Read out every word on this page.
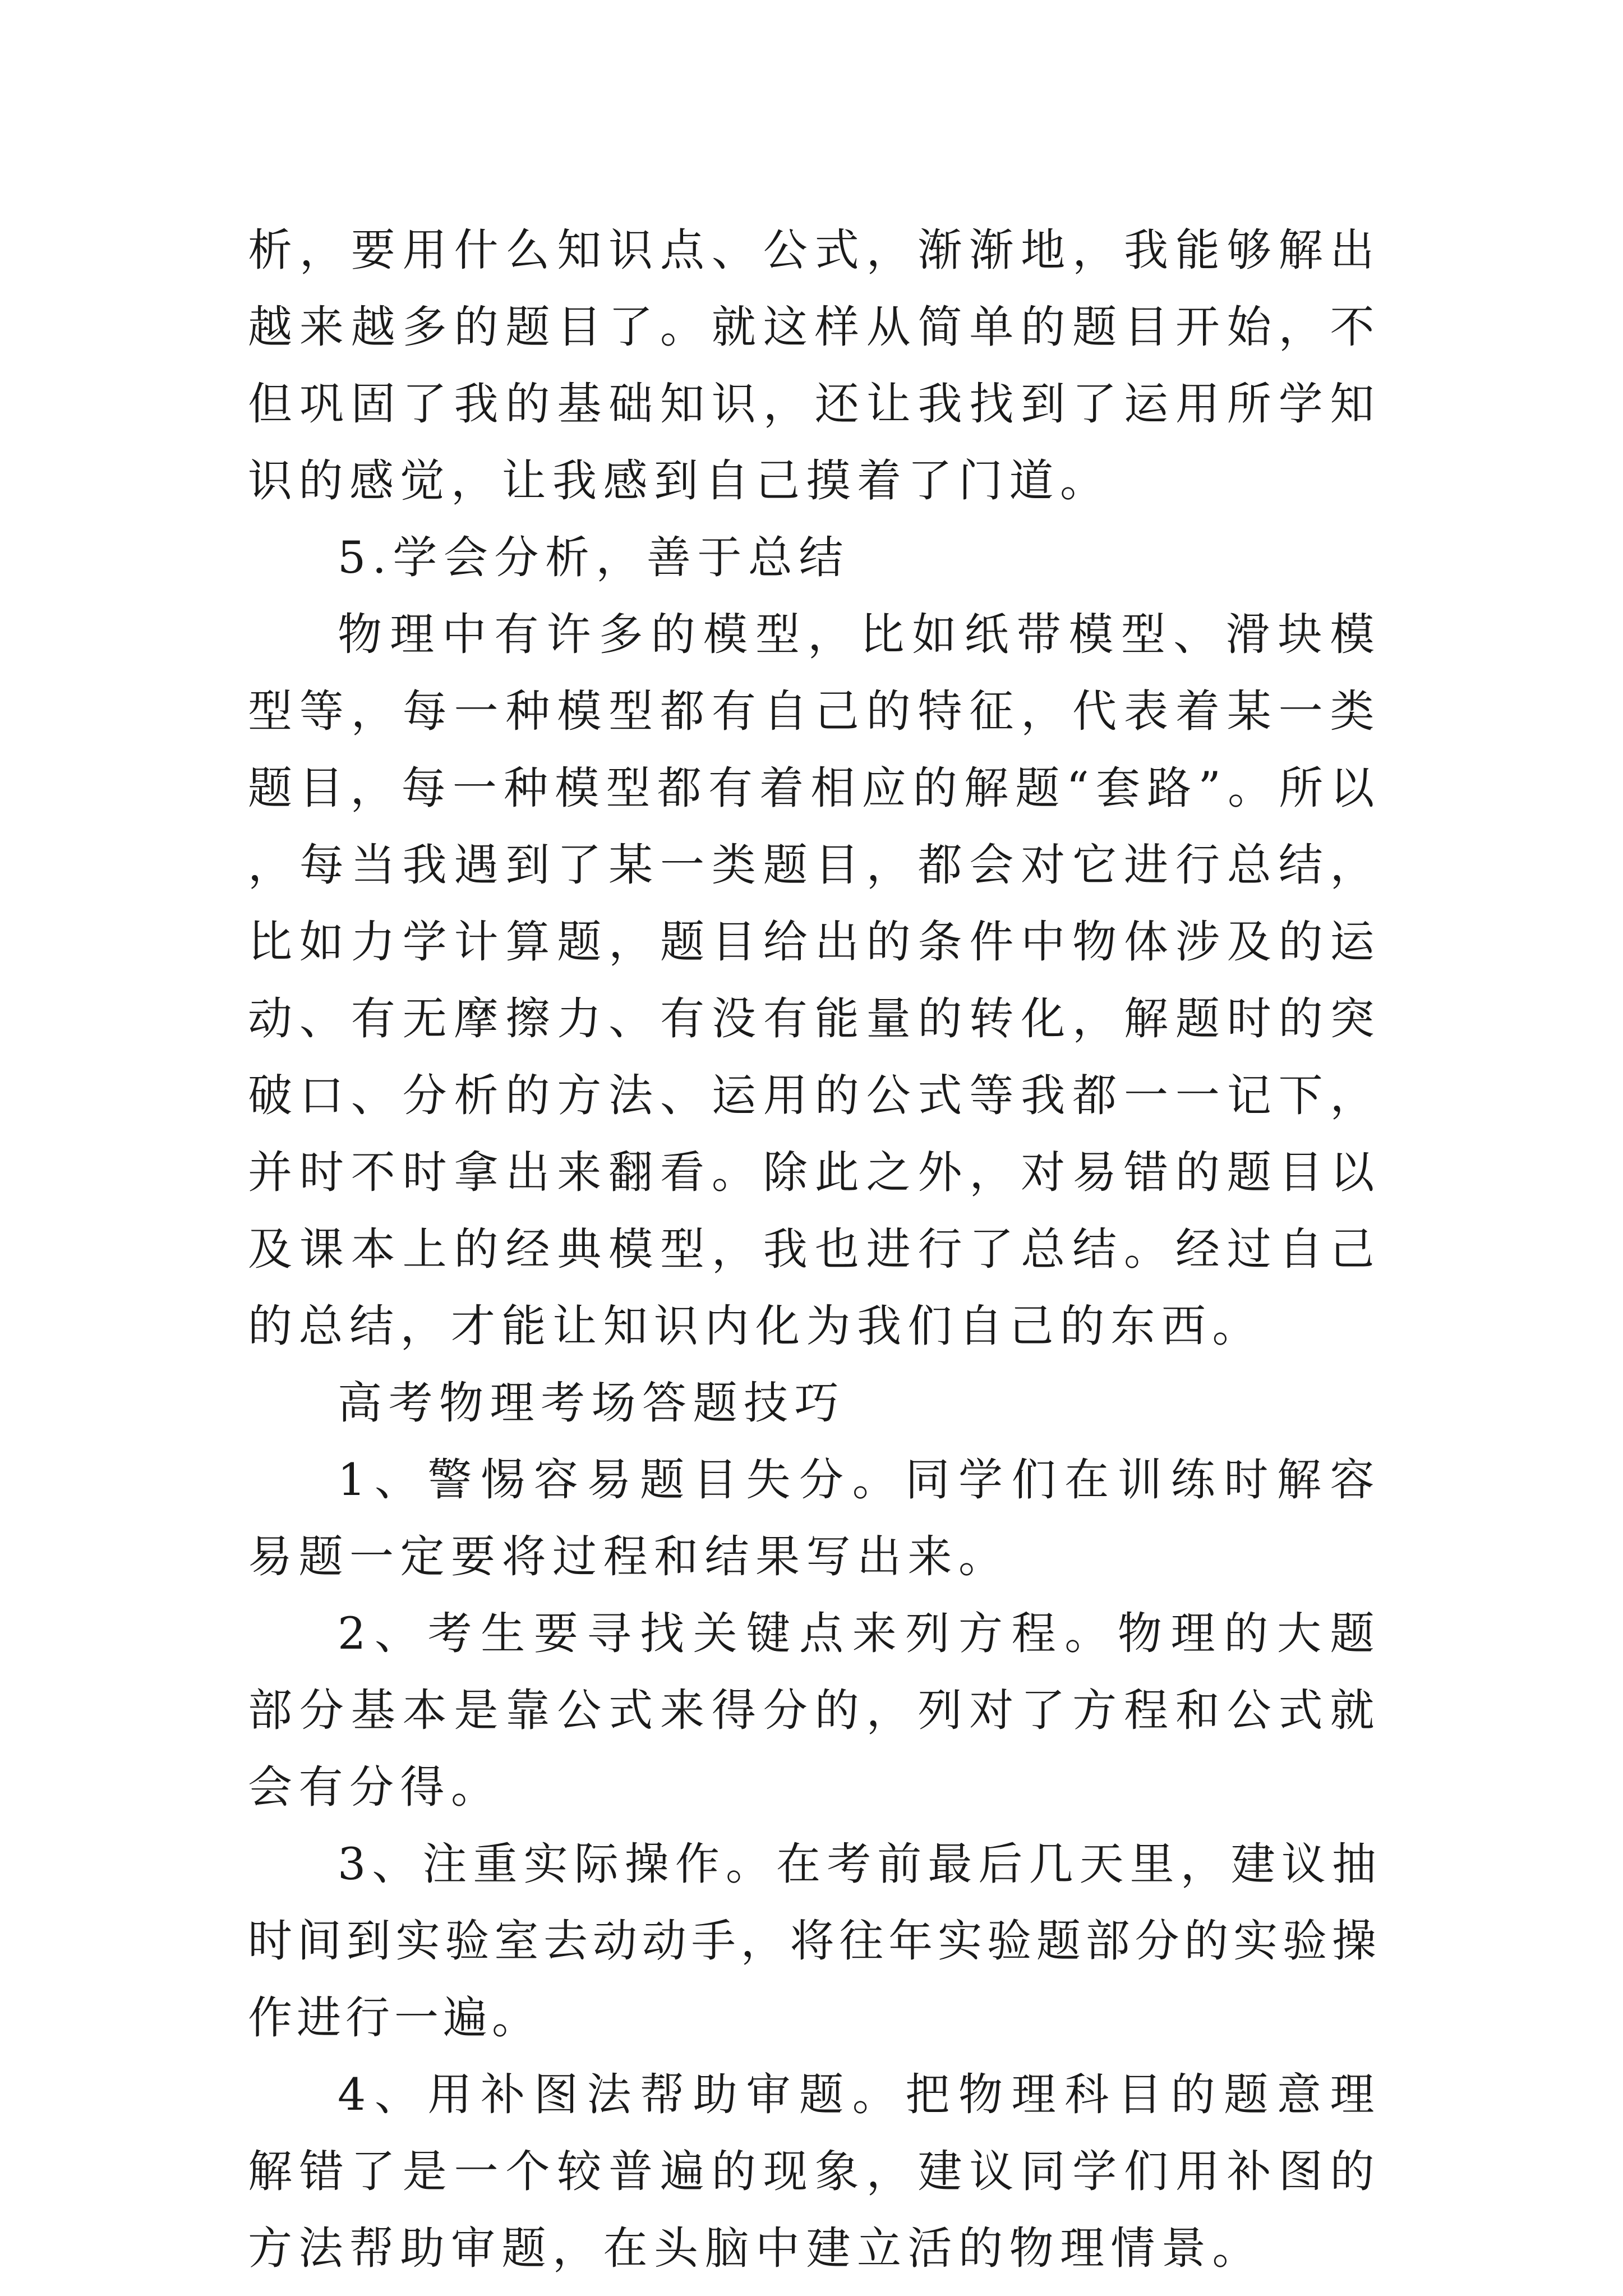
析，要用什么知识点、公式，渐渐地，我能够解出越来越多的题目了。就这样从简单的题目开始，不但巩固了我的基础知识，还让我找到了运用所学知识的感觉，让我感到自己摸着了门道。

5.学会分析，善于总结

物理中有许多的模型，比如纸带模型、滑块模型等，每一种模型都有自己的特征，代表着某一类题目，每一种模型都有着相应的解题“套路”。所以，每当我遇到了某一类题目，都会对它进行总结，比如力学计算题，题目给出的条件中物体涉及的运动、有无摩擦力、有没有能量的转化，解题时的突破口、分析的方法、运用的公式等我都一一记下，并时不时拿出来翻看。除此之外，对易错的题目以及课本上的经典模型，我也进行了总结。经过自己的总结，才能让知识内化为我们自己的东西。

高考物理考场答题技巧

1、警惕容易题目失分。同学们在训练时解容易题一定要将过程和结果写出来。

2、考生要寻找关键点来列方程。物理的大题部分基本是靠公式来得分的，列对了方程和公式就会有分得。

3、注重实际操作。在考前最后几天里，建议抽时间到实验室去动动手，将往年实验题部分的实验操作进行一遍。

4、用补图法帮助审题。把物理科目的题意理解错了是一个较普遍的现象，建议同学们用补图的方法帮助审题，在头脑中建立活的物理情景。
